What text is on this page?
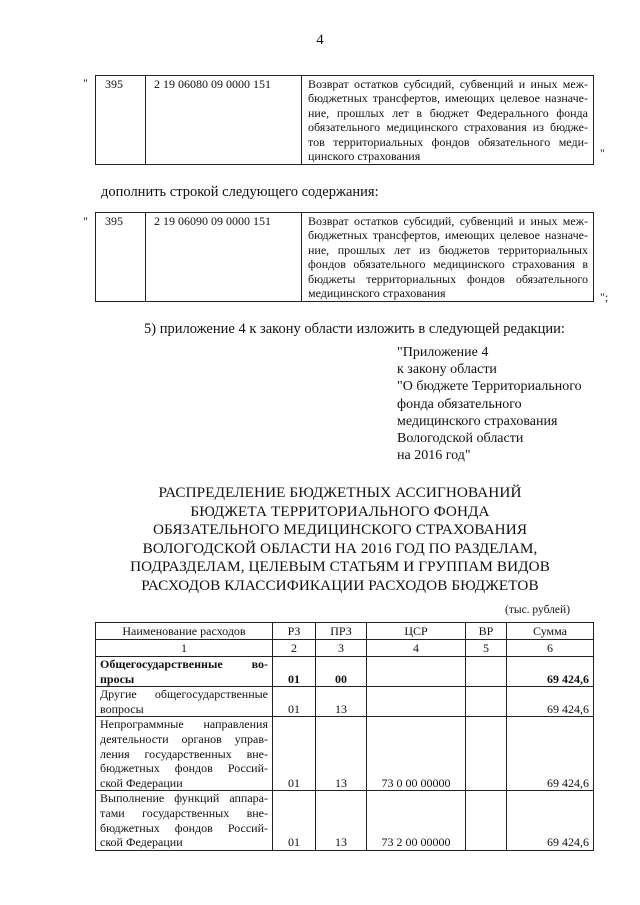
4
" 395	2 19 06080 09 0000 151	Возврат остатков субсидий, субвенций и иных меж-
бюджетных трансфертов, имеющих целевое назначе-
ние, прошлых лет в бюджет Федерального фонда
обязательного медицинского страхования из бюдже-
тов территориальных фондов обязательного меди-
цинского страхования	"
дополнить строкой следующего содержания:
" 395	2 19 06090 09 0000 151	Возврат остатков субсидий, субвенций и иных меж-
бюджетных трансфертов, имеющих целевое назначе-
ние, прошлых лет из бюджетов территориальных
фондов обязательного медицинского страхования в
бюджеты территориальных фондов обязательного
медицинского страхования	";
5) приложение 4 к закону области изложить в следующей редакции:
"Приложение 4
к закону области
"О бюджете Территориального
фонда обязательного
медицинского страхования
Вологодской области
на 2016 год"
РАСПРЕДЕЛЕНИЕ БЮДЖЕТНЫХ АССИГНОВАНИЙ
БЮДЖЕТА ТЕРРИТОРИАЛЬНОГО ФОНДА
ОБЯЗАТЕЛЬНОГО МЕДИЦИНСКОГО СТРАХОВАНИЯ
ВОЛОГОДСКОЙ ОБЛАСТИ НА 2016 ГОД ПО РАЗДЕЛАМ,
ПОДРАЗДЕЛАМ, ЦЕЛЕВЫМ СТАТЬЯМ И ГРУППАМ ВИДОВ
РАСХОДОВ КЛАССИФИКАЦИИ РАСХОДОВ БЮДЖЕТОВ
(тыс. рублей)
Наименование расходов	РЗ	ПРЗ	ЦСР	ВР	Сумма
1	2	3	4	5	6

Общегосударственные во-
просы	01	00			69 424,6

Другие общегосударственные
вопросы	01	13			69 424,6

Непрограммные направления
деятельности органов управ-
ления государственных вне-
бюджетных фондов Россий-
ской Федерации	01	13	73 0 00 00000		69 424,6

Выполнение функций аппара-
тами государственных вне-
бюджетных фондов Россий-
ской Федерации	01	13	73 2 00 00000		69 424,6
